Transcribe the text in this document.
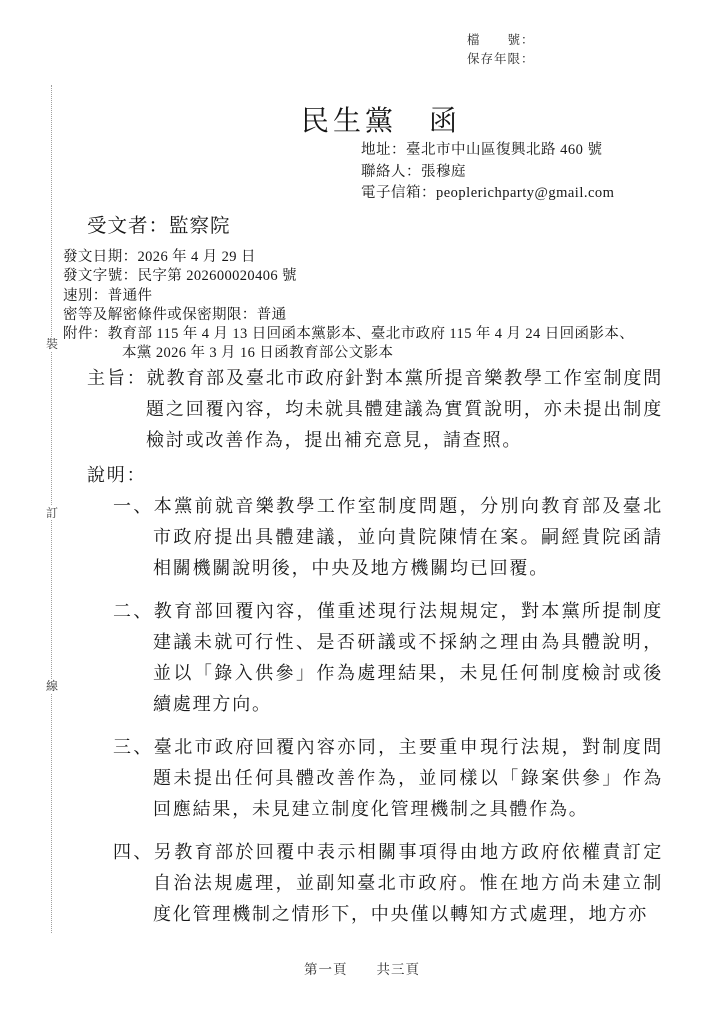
裝
訂
線
檔　　號：
保存年限：
民生黨　函
地址：臺北市中山區復興北路 460 號
聯絡人：張穆庭
電子信箱：peoplerichparty@gmail.com
受文者：監察院
發文日期：2026 年 4 月 29 日
發文字號：民字第 202600020406 號
速別：普通件
密等及解密條件或保密期限：普通
附件：教育部 115 年 4 月 13 日回函本黨影本、臺北市政府 115 年 4 月 24 日回函影本、
本黨 2026 年 3 月 16 日函教育部公文影本
主旨：就教育部及臺北市政府針對本黨所提音樂教學工作室制度問題之回覆內容，均未就具體建議為實質說明，亦未提出制度檢討或改善作為，提出補充意見，請查照。
說明：
一、本黨前就音樂教學工作室制度問題，分別向教育部及臺北市政府提出具體建議，並向貴院陳情在案。嗣經貴院函請相關機關說明後，中央及地方機關均已回覆。
二、教育部回覆內容，僅重述現行法規規定，對本黨所提制度建議未就可行性、是否研議或不採納之理由為具體說明，並以「錄入供參」作為處理結果，未見任何制度檢討或後續處理方向。
三、臺北市政府回覆內容亦同，主要重申現行法規，對制度問題未提出任何具體改善作為，並同樣以「錄案供參」作為回應結果，未見建立制度化管理機制之具體作為。
四、另教育部於回覆中表示相關事項得由地方政府依權責訂定自治法規處理，並副知臺北市政府。惟在地方尚未建立制度化管理機制之情形下，中央僅以轉知方式處理，地方亦
第一頁　　共三頁
